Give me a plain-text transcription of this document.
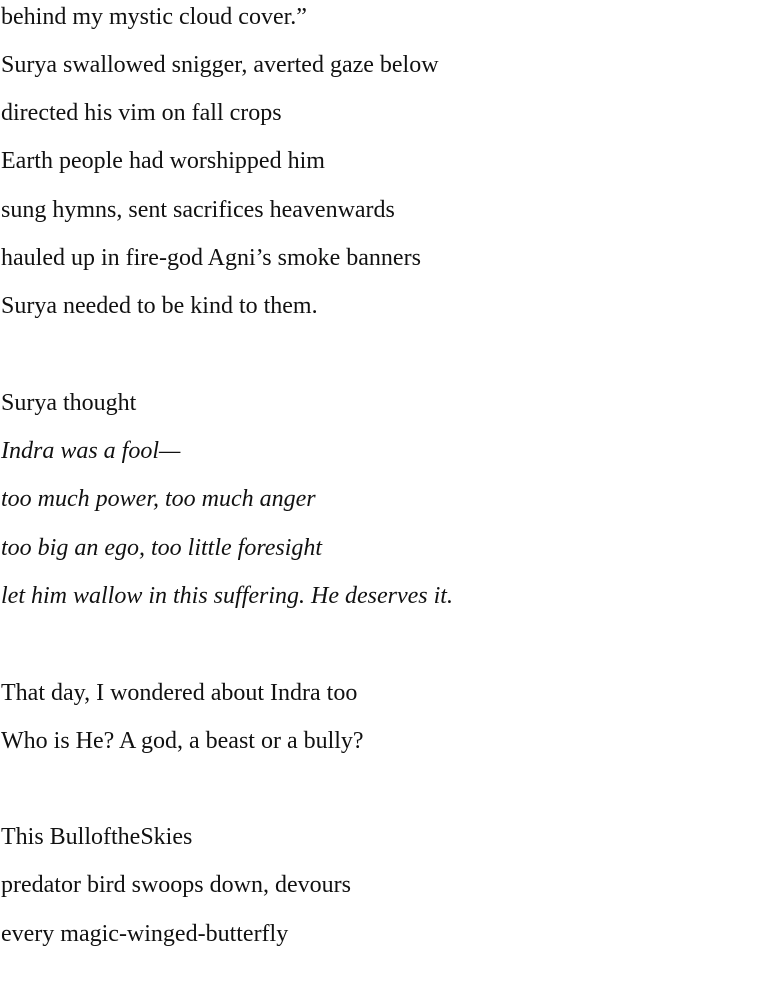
behind my mystic cloud cover.”
Surya swallowed snigger, averted gaze below
directed his vim on fall crops
Earth people had worshipped him
sung hymns, sent sacrifices heavenwards
hauled up in fire-god Agni’s smoke banners
Surya needed to be kind to them.
Surya thought
Indra was a fool—
too much power, too much anger
too big an ego, too little foresight
let him wallow in this suffering. He deserves it.
That day, I wondered about Indra too
Who is He? A god, a beast or a bully?
This BulloftheSkies
predator bird swoops down, devours
every magic-winged-butterfly
